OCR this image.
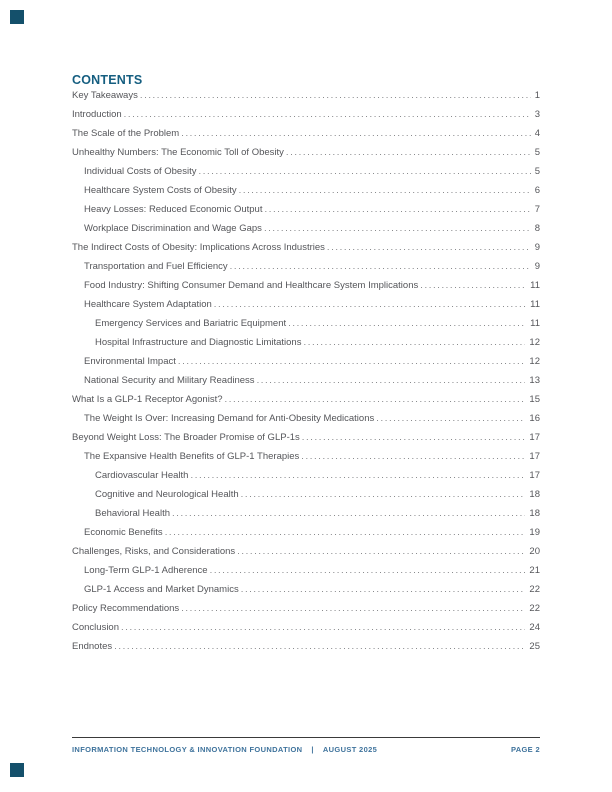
CONTENTS
Key Takeaways .....	1
Introduction .....	3
The Scale of the Problem .....	4
Unhealthy Numbers: The Economic Toll of Obesity .....	5
Individual Costs of Obesity .....	5
Healthcare System Costs of Obesity .....	6
Heavy Losses: Reduced Economic Output .....	7
Workplace Discrimination and Wage Gaps .....	8
The Indirect Costs of Obesity: Implications Across Industries .....	9
Transportation and Fuel Efficiency .....	9
Food Industry: Shifting Consumer Demand and Healthcare System Implications .....	11
Healthcare System Adaptation .....	11
Emergency Services and Bariatric Equipment .....	11
Hospital Infrastructure and Diagnostic Limitations .....	12
Environmental Impact .....	12
National Security and Military Readiness .....	13
What Is a GLP-1 Receptor Agonist? .....	15
The Weight Is Over: Increasing Demand for Anti-Obesity Medications .....	16
Beyond Weight Loss: The Broader Promise of GLP-1s .....	17
The Expansive Health Benefits of GLP-1 Therapies .....	17
Cardiovascular Health .....	17
Cognitive and Neurological Health .....	18
Behavioral Health .....	18
Economic Benefits .....	19
Challenges, Risks, and Considerations .....	20
Long-Term GLP-1 Adherence .....	21
GLP-1 Access and Market Dynamics .....	22
Policy Recommendations .....	22
Conclusion .....	24
Endnotes .....	25
INFORMATION TECHNOLOGY & INNOVATION FOUNDATION | AUGUST 2025	PAGE 2
